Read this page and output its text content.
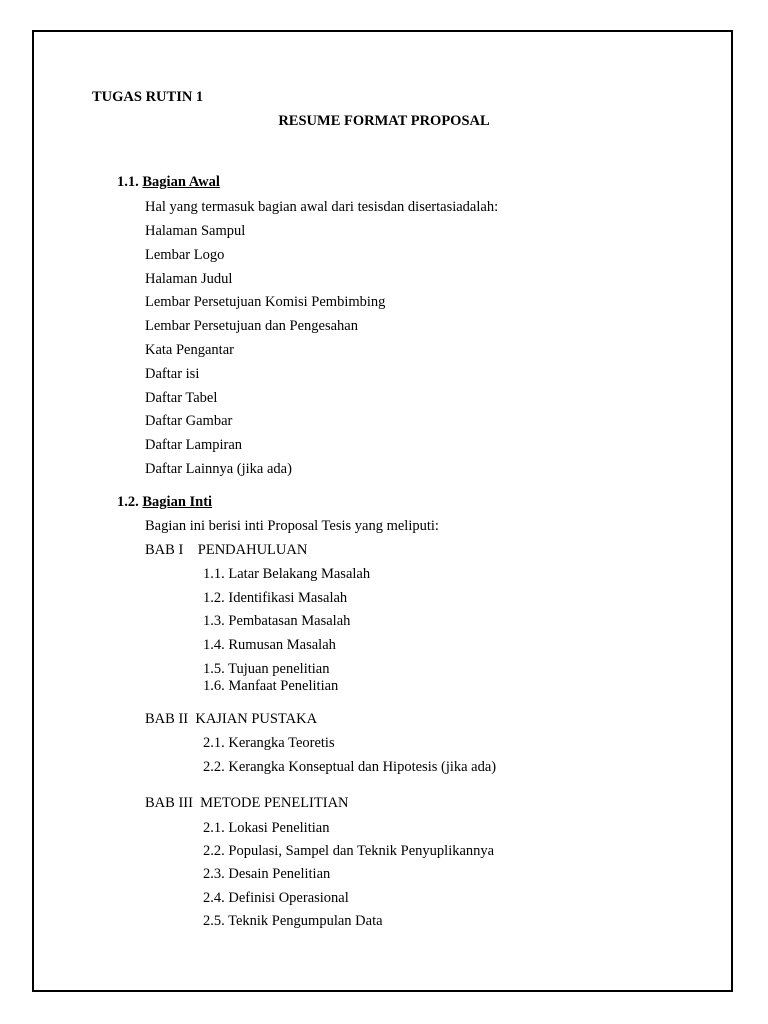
TUGAS RUTIN 1
RESUME FORMAT PROPOSAL
1.1. Bagian Awal
Hal yang termasuk bagian awal dari tesisdan disertasiadalah:
Halaman Sampul
Lembar Logo
Halaman Judul
Lembar Persetujuan Komisi Pembimbing
Lembar Persetujuan dan Pengesahan
Kata Pengantar
Daftar isi
Daftar Tabel
Daftar Gambar
Daftar Lampiran
Daftar Lainnya (jika ada)
1.2. Bagian Inti
Bagian ini berisi inti Proposal Tesis yang meliputi:
BAB I    PENDAHULUAN
1.1. Latar Belakang Masalah
1.2. Identifikasi Masalah
1.3. Pembatasan Masalah
1.4. Rumusan Masalah
1.5. Tujuan penelitian
1.6. Manfaat Penelitian
BAB II  KAJIAN PUSTAKA
2.1. Kerangka Teoretis
2.2. Kerangka Konseptual dan Hipotesis (jika ada)
BAB III  METODE PENELITIAN
2.1. Lokasi Penelitian
2.2. Populasi, Sampel dan Teknik Penyuplikannya
2.3. Desain Penelitian
2.4. Definisi Operasional
2.5. Teknik Pengumpulan Data
